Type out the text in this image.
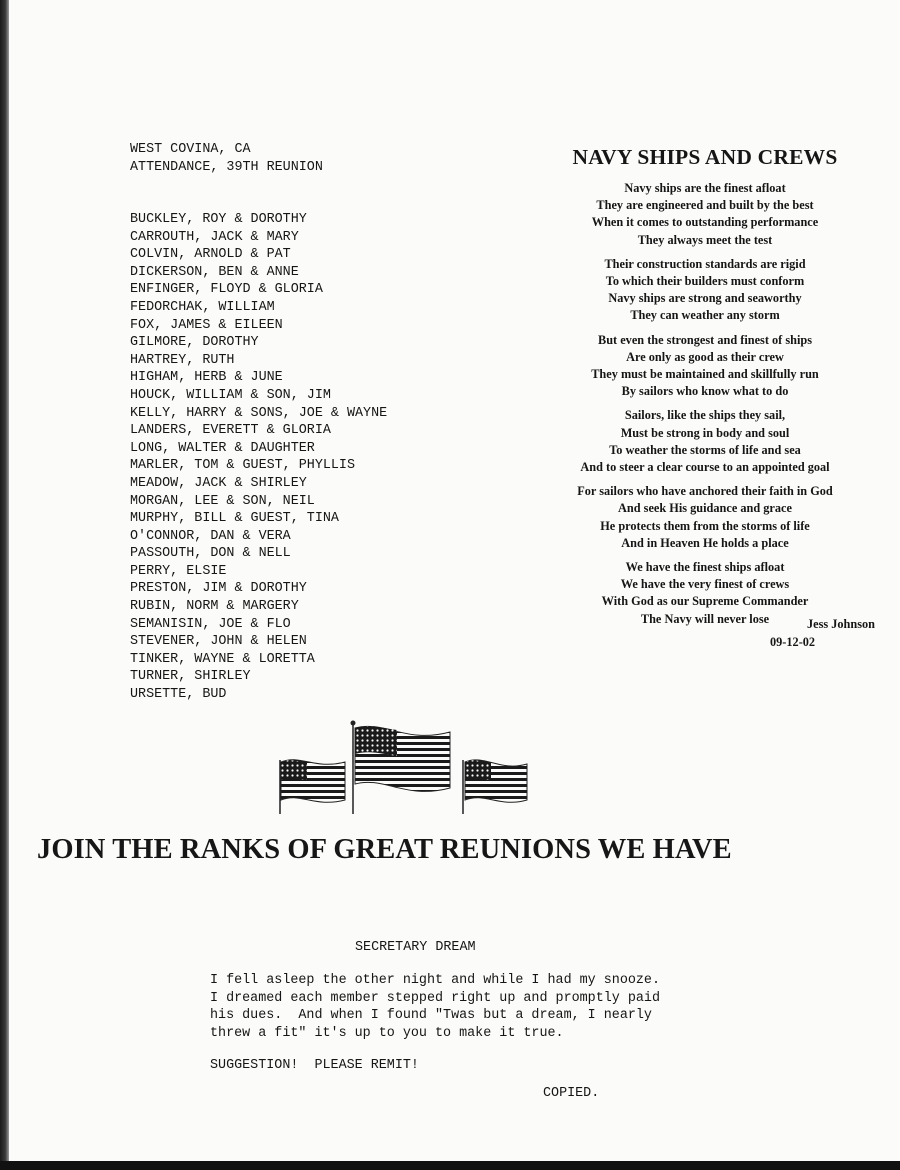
WEST COVINA, CA
ATTENDANCE, 39TH REUNION
BUCKLEY, ROY & DOROTHY
CARROUTH, JACK & MARY
COLVIN, ARNOLD & PAT
DICKERSON, BEN & ANNE
ENFINGER, FLOYD & GLORIA
FEDORCHAK, WILLIAM
FOX, JAMES & EILEEN
GILMORE, DOROTHY
HARTREY, RUTH
HIGHAM, HERB & JUNE
HOUCK, WILLIAM & SON, JIM
KELLY, HARRY & SONS, JOE & WAYNE
LANDERS, EVERETT & GLORIA
LONG, WALTER & DAUGHTER
MARLER, TOM & GUEST, PHYLLIS
MEADOW, JACK & SHIRLEY
MORGAN, LEE & SON, NEIL
MURPHY, BILL & GUEST, TINA
O'CONNOR, DAN & VERA
PASSOUTH, DON & NELL
PERRY, ELSIE
PRESTON, JIM & DOROTHY
RUBIN, NORM & MARGERY
SEMANISIN, JOE & FLO
STEVENER, JOHN & HELEN
TINKER, WAYNE & LORETTA
TURNER, SHIRLEY
URSETTE, BUD
NAVY SHIPS AND CREWS
Navy ships are the finest afloat
They are engineered and built by the best
When it comes to outstanding performance
They always meet the test
Their construction standards are rigid
To which their builders must conform
Navy ships are strong and seaworthy
They can weather any storm
But even the strongest and finest of ships
Are only as good as their crew
They must be maintained and skillfully run
By sailors who know what to do
Sailors, like the ships they sail,
Must be strong in body and soul
To weather the storms of life and sea
And to steer a clear course to an appointed goal
For sailors who have anchored their faith in God
And seek His guidance and grace
He protects them from the storms of life
And in Heaven He holds a place
We have the finest ships afloat
We have the very finest of crews
With God as our Supreme Commander
The Navy will never lose	Jess Johnson
09-12-02
JOIN THE RANKS OF GREAT REUNIONS WE HAVE
SECRETARY DREAM
I fell asleep the other night and while I had my snooze.
I dreamed each member stepped right up and promptly paid
his dues.  And when I found "Twas but a dream, I nearly
threw a fit" it's up to you to make it true.
SUGGESTION!  PLEASE REMIT!
COPIED.
